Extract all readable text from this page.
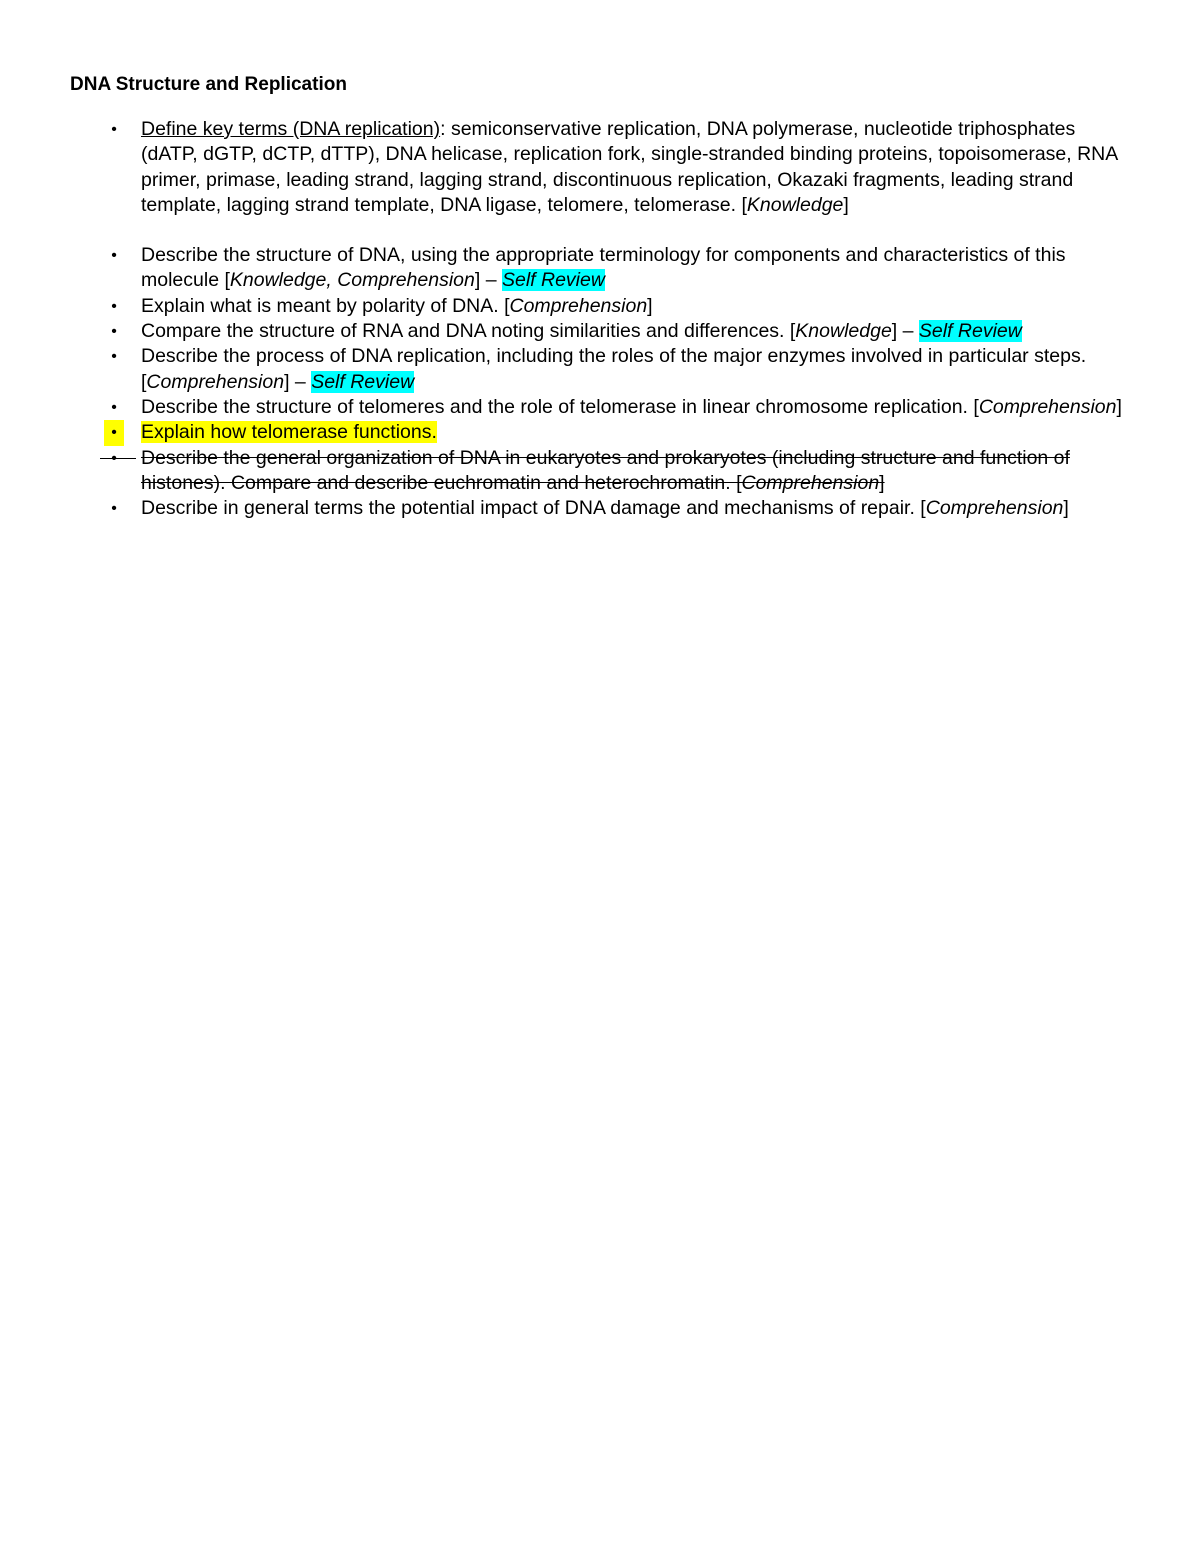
DNA Structure and Replication
•	Define key terms (DNA replication): semiconservative replication, DNA polymerase, nucleotide triphosphates (dATP, dGTP, dCTP, dTTP), DNA helicase, replication fork, single-stranded binding proteins, topoisomerase, RNA primer, primase, leading strand, lagging strand, discontinuous replication, Okazaki fragments, leading strand template, lagging strand template, DNA ligase, telomere, telomerase. [Knowledge]
•	Describe the structure of DNA, using the appropriate terminology for components and characteristics of this molecule [Knowledge, Comprehension] – Self Review
•	Explain what is meant by polarity of DNA. [Comprehension]
•	Compare the structure of RNA and DNA noting similarities and differences. [Knowledge] – Self Review
•	Describe the process of DNA replication, including the roles of the major enzymes involved in particular steps. [Comprehension] – Self Review
•	Describe the structure of telomeres and the role of telomerase in linear chromosome replication. [Comprehension]
•	Explain how telomerase functions.
•	Describe the general organization of DNA in eukaryotes and prokaryotes (including structure and function of histones). Compare and describe euchromatin and heterochromatin. [Comprehension]
•	Describe in general terms the potential impact of DNA damage and mechanisms of repair. [Comprehension]
